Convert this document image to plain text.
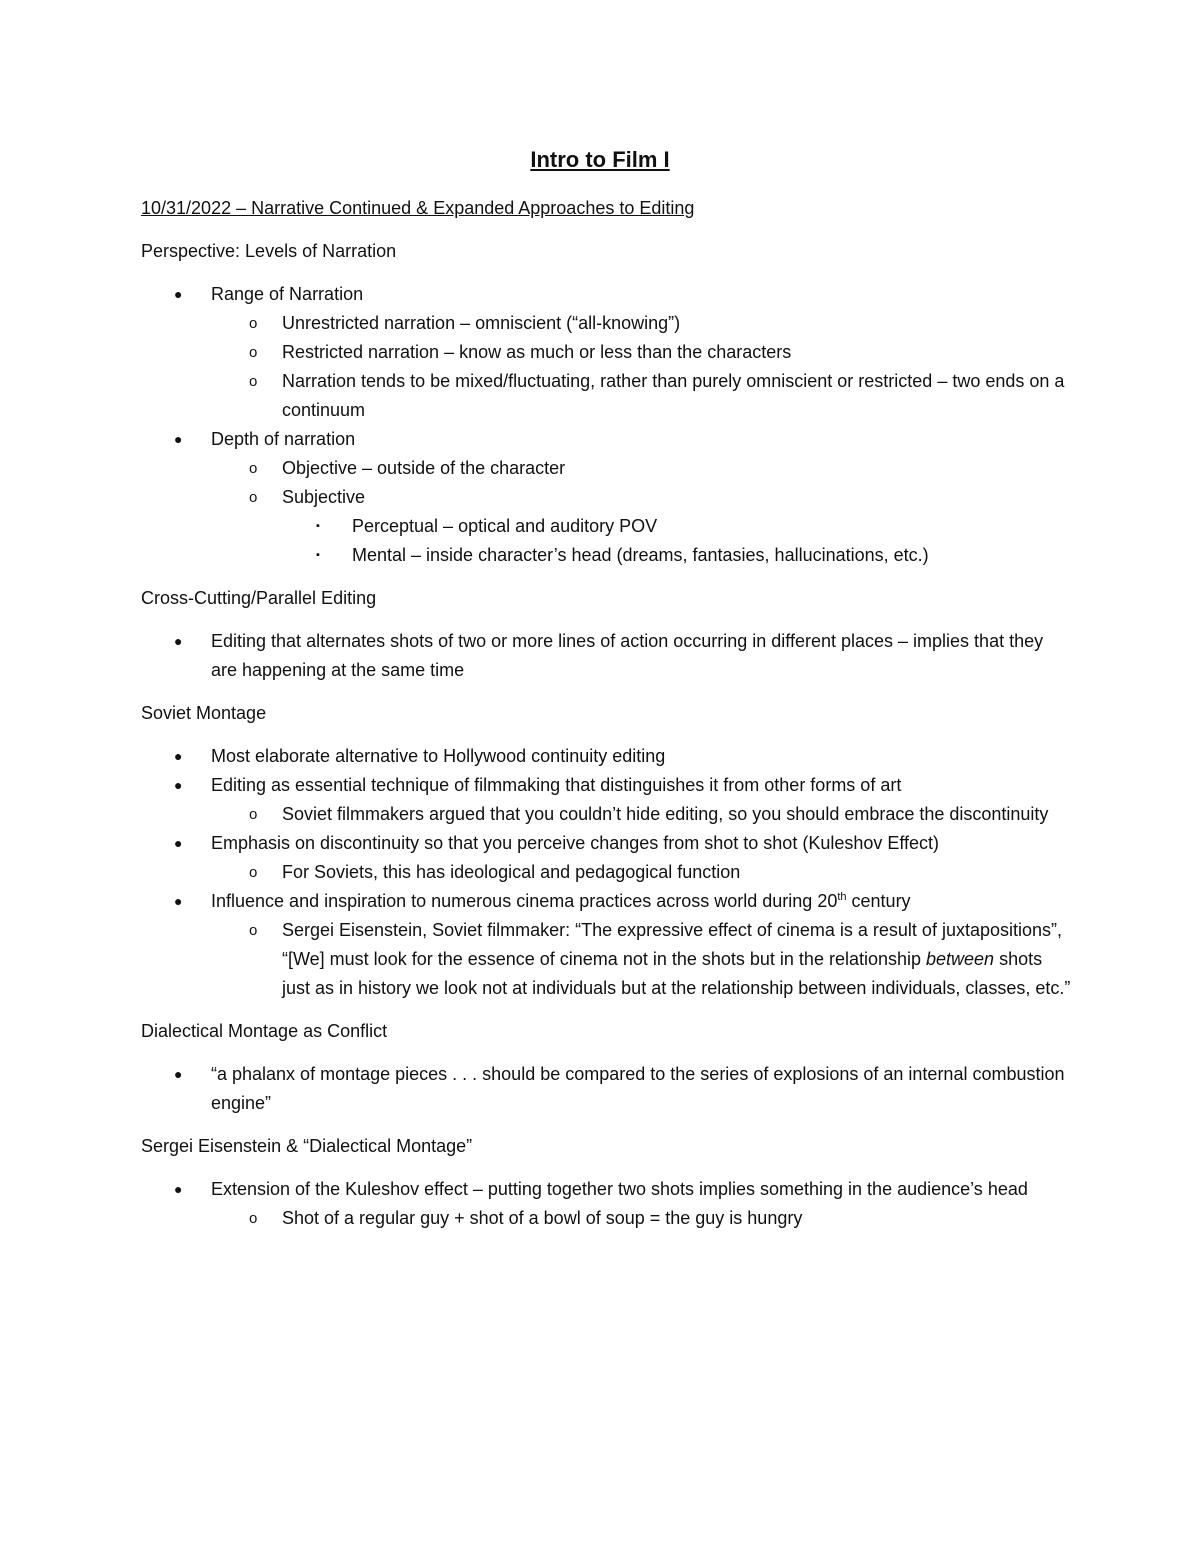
Intro to Film I
10/31/2022 – Narrative Continued & Expanded Approaches to Editing
Perspective: Levels of Narration
● Range of Narration
o Unrestricted narration – omniscient (“all-knowing”)
o Restricted narration – know as much or less than the characters
o Narration tends to be mixed/fluctuating, rather than purely omniscient or restricted – two ends on a continuum
● Depth of narration
o Objective – outside of the character
o Subjective
▪ Perceptual – optical and auditory POV
▪ Mental – inside character’s head (dreams, fantasies, hallucinations, etc.)
Cross-Cutting/Parallel Editing
● Editing that alternates shots of two or more lines of action occurring in different places – implies that they are happening at the same time
Soviet Montage
● Most elaborate alternative to Hollywood continuity editing
● Editing as essential technique of filmmaking that distinguishes it from other forms of art
o Soviet filmmakers argued that you couldn’t hide editing, so you should embrace the discontinuity
● Emphasis on discontinuity so that you perceive changes from shot to shot (Kuleshov Effect)
o For Soviets, this has ideological and pedagogical function
● Influence and inspiration to numerous cinema practices across world during 20th century
o Sergei Eisenstein, Soviet filmmaker: “The expressive effect of cinema is a result of juxtapositions”, “[We] must look for the essence of cinema not in the shots but in the relationship between shots just as in history we look not at individuals but at the relationship between individuals, classes, etc.”
Dialectical Montage as Conflict
● “a phalanx of montage pieces . . . should be compared to the series of explosions of an internal combustion engine”
Sergei Eisenstein & “Dialectical Montage”
● Extension of the Kuleshov effect – putting together two shots implies something in the audience’s head
o Shot of a regular guy + shot of a bowl of soup = the guy is hungry
